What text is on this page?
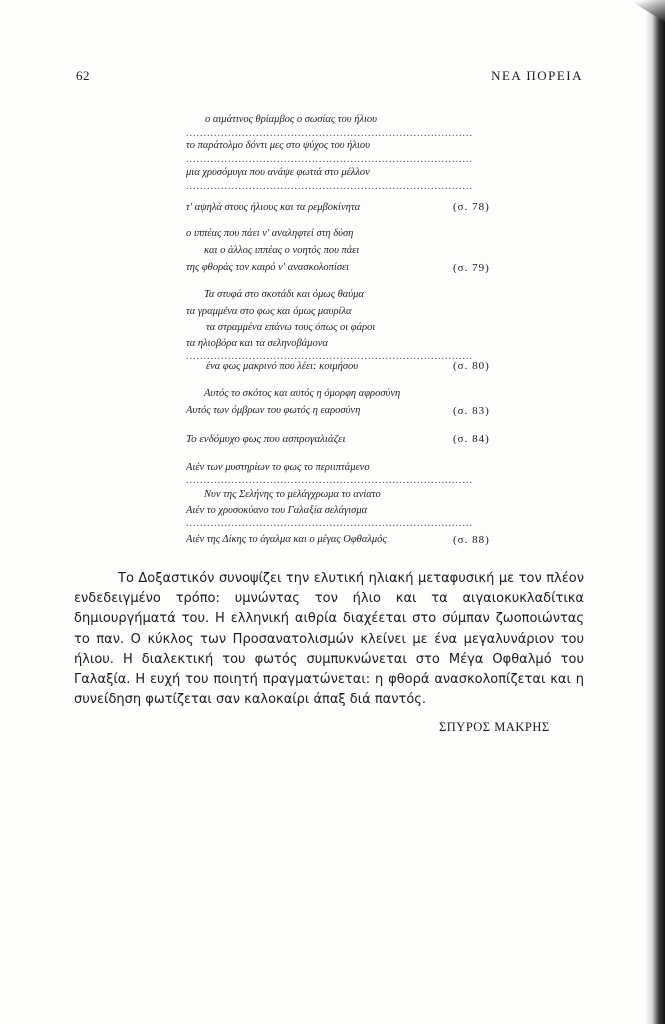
62	ΝΕΑ ΠΟΡΕΙΑ
ο αιμάτινος θρίαμβος ο σωσίας του ήλιου
..................................................................................
το παράτολμο δόντι μες στο ψύχος του ήλιου
..................................................................................
μια χρυσόμυγα που ανάψε φωτιά στο μέλλον
..................................................................................
τ' αψηλά στους ήλιους και τα ρεμβοκίνητα	(σ. 78)
ο ιππέας που πάει ν' αναληφτεί στη δύση
και ο άλλος ιππέας ο νοητός που πάει
της φθοράς τον καιρό ν' ανασκολοπίσει	(σ. 79)
Τα στυφά στο σκοτάδι και όμως θαύμα
τα γραμμένα στο φως και όμως μαυρίλα
τα στραμμένα επάνω τους όπως οι φάροι
τα ηλιοβόρα και τα σεληνοβάμονα
..................................................................................
ένα φως μακρινό που λέει: κοιμήσου	(σ. 80)
Αυτός το σκότος και αυτός η όμορφη αφροσύνη
Αυτός των όμβρων του φωτός η εαροσύνη	(σ. 83)
Το ενδόμυχο φως που ασπρογαλιάζει	(σ. 84)
Αιέν των μυστηρίων το φως το περιιπτάμενο
..................................................................................
Νυν της Σελήνης το μελάγχρωμα το ανίατο
Αιέν το χρυσοκύανο του Γαλαξία σελάγισμα
..................................................................................
Αιέν της Δίκης το άγαλμα και ο μέγας Οφθαλμός	(σ. 88)

Το Δοξαστικόν συνοψίζει την ελυτική ηλιακή μεταφυσική με τον πλέον ενδεδειγμένο τρόπο: υμνώντας τον ήλιο και τα αιγαιοκυκλαδίτικα δημιουργήματά του. Η ελληνική αιθρία διαχέεται στο σύμπαν ζωοποιώντας το παν. Ο κύκλος των Προσανατολισμών κλείνει με ένα μεγαλυνάριον του ήλιου. Η διαλεκτική του φωτός συμπυκνώνεται στο Μέγα Οφθαλμό του Γαλαξία. Η ευχή του ποιητή πραγματώνεται: η φθορά ανασκολοπίζεται και η συνείδηση φωτίζεται σαν καλοκαίρι άπαξ διά παντός.

ΣΠΥΡΟΣ ΜΑΚΡΗΣ
